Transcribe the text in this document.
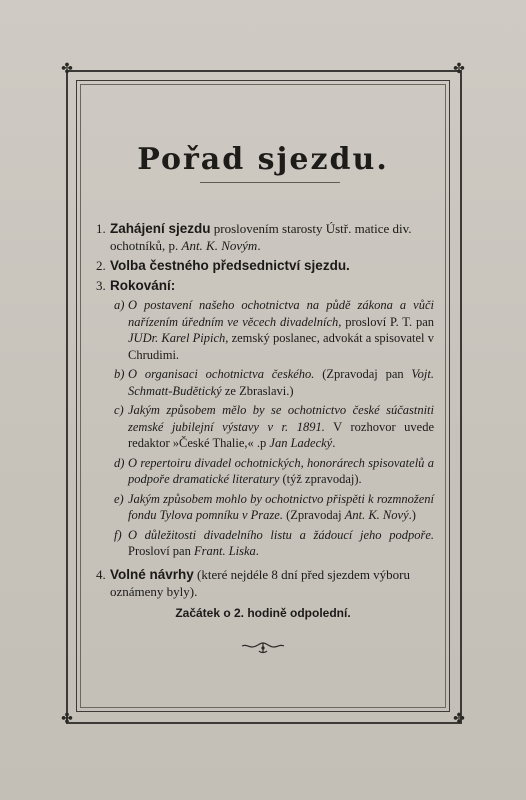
✤	✤
✤	✤
Pořad sjezdu.
1. Zahájení sjezdu proslovením starosty Ústř. matice div. ochotníků, p. Ant. K. Novým.
2. Volba čestného předsednictví sjezdu.
3. Rokování:
a) O postavení našeho ochotnictva na půdě zákona a vůči nařízením úředním ve věcech divadelních, prosloví P. T. pan JUDr. Karel Pipich, zemský poslanec, advokát a spisovatel v Chrudimi.
b) O organisaci ochotnictva českého. (Zpravodaj pan Vojt. Schmatt-Budětický ze Zbraslavi.)
c) Jakým způsobem mělo by se ochotnictvo české súčastniti zemské jubilejní výstavy v r. 1891. V rozhovor uvede redaktor »České Thalie,« .p Jan Ladecký.
d) O repertoiru divadel ochotnických, honorárech spisovatelů a podpoře dramatické literatury (týž zpravodaj).
e) Jakým způsobem mohlo by ochotnictvo přispěti k rozmnožení fondu Tylova pomníku v Praze. (Zpravodaj Ant. K. Nový.)
f) O důležitosti divadelního listu a žádoucí jeho podpoře. Prosloví pan Frant. Liska.
4. Volné návrhy (které nejdéle 8 dní před sjezdem výboru oznámeny byly).
Začátek o 2. hodině odpolední.
